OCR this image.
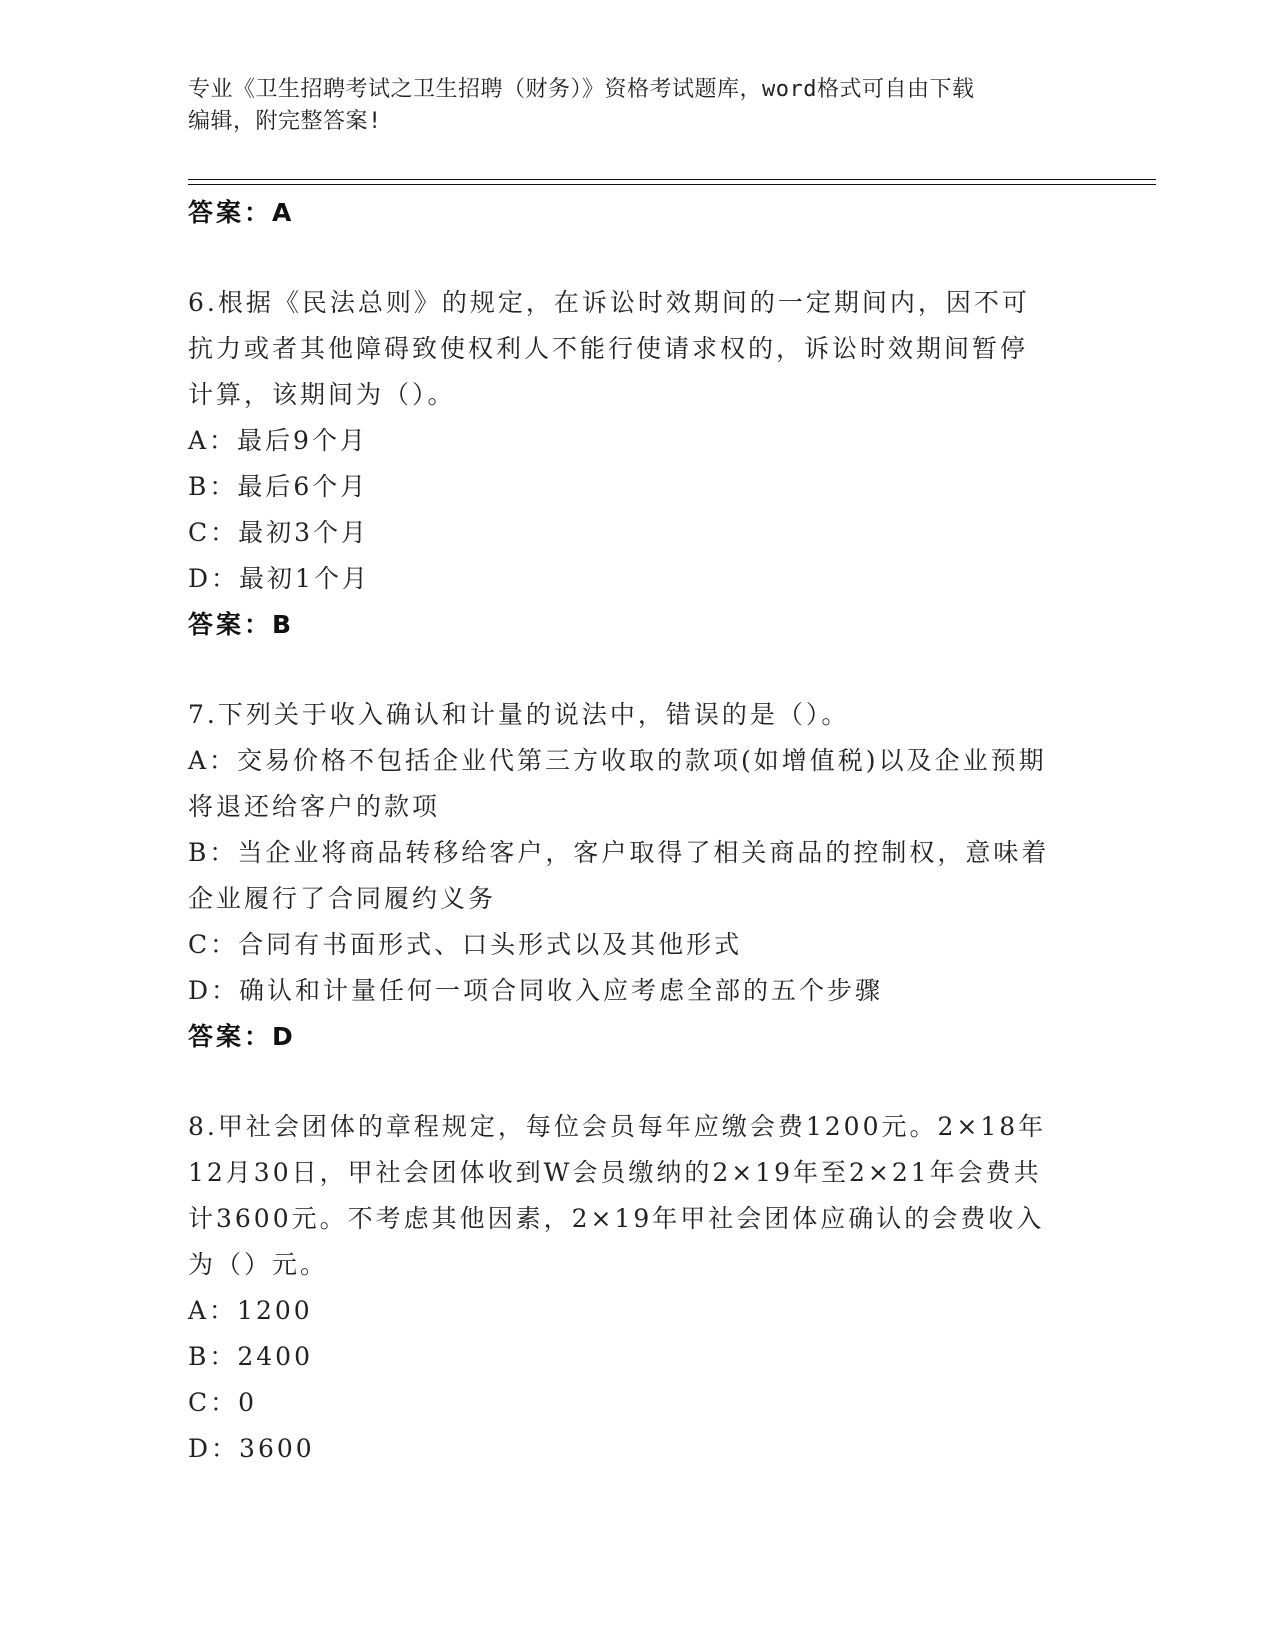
专业《卫生招聘考试之卫生招聘（财务）》资格考试题库，word格式可自由下载
编辑，附完整答案!
答案：A
6.根据《民法总则》的规定，在诉讼时效期间的一定期间内，因不可
抗力或者其他障碍致使权利人不能行使请求权的，诉讼时效期间暂停
计算，该期间为（）。
A：最后9个月
B：最后6个月
C：最初3个月
D：最初1个月
答案：B
7.下列关于收入确认和计量的说法中，错误的是（）。
A：交易价格不包括企业代第三方收取的款项(如增值税)以及企业预期
将退还给客户的款项
B：当企业将商品转移给客户，客户取得了相关商品的控制权，意味着
企业履行了合同履约义务
C：合同有书面形式、口头形式以及其他形式
D：确认和计量任何一项合同收入应考虑全部的五个步骤
答案：D
8.甲社会团体的章程规定，每位会员每年应缴会费1200元。2×18年
12月30日，甲社会团体收到W会员缴纳的2×19年至2×21年会费共
计3600元。不考虑其他因素，2×19年甲社会团体应确认的会费收入
为（）元。
A：1200
B：2400
C：0
D：3600
